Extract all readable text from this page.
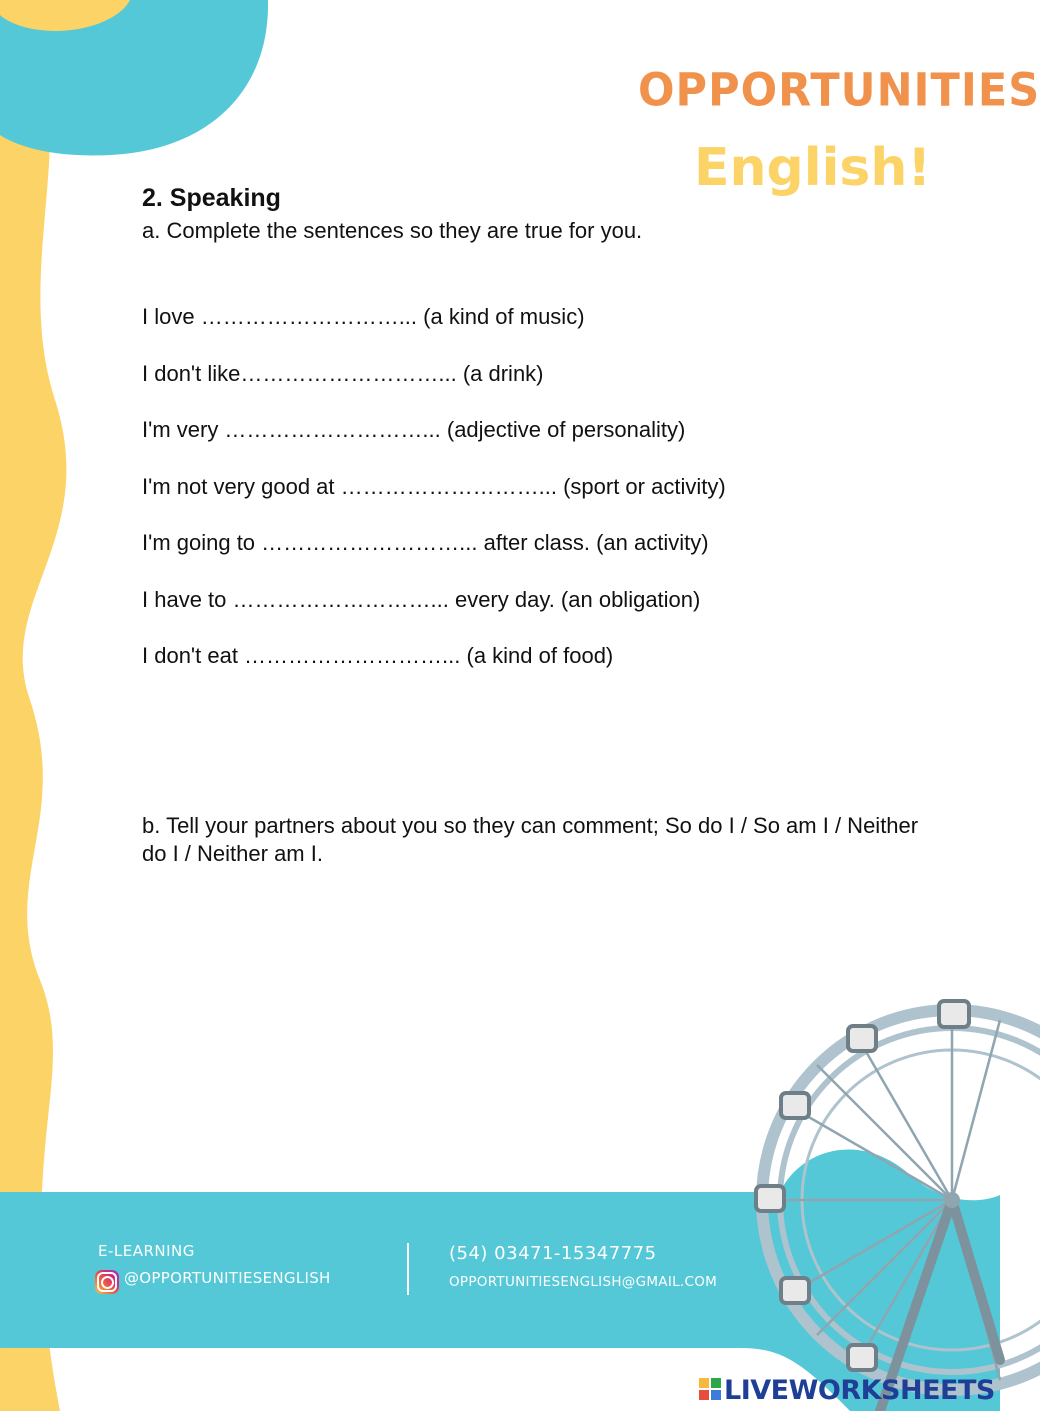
OPPORTUNITIES
English!
2. Speaking
a. Complete the sentences so they are true for you.
I love ………………………... (a kind of music)
I don't like………………………... (a drink)
I'm very ………………………... (adjective of personality)
I'm not very good at ………………………... (sport or activity)
I'm going to ………………………... after class. (an activity)
I have to ………………………... every day. (an obligation)
I don't eat ………………………... (a kind of food)
b. Tell your partners about you so they can comment; So do I / So am I / Neither do I / Neither am I.
E-LEARNING
@OPPORTUNITIESENGLISH
(54) 03471-15347775
OPPORTUNITIESENGLISH@GMAIL.COM
LIVEWORKSHEETS
